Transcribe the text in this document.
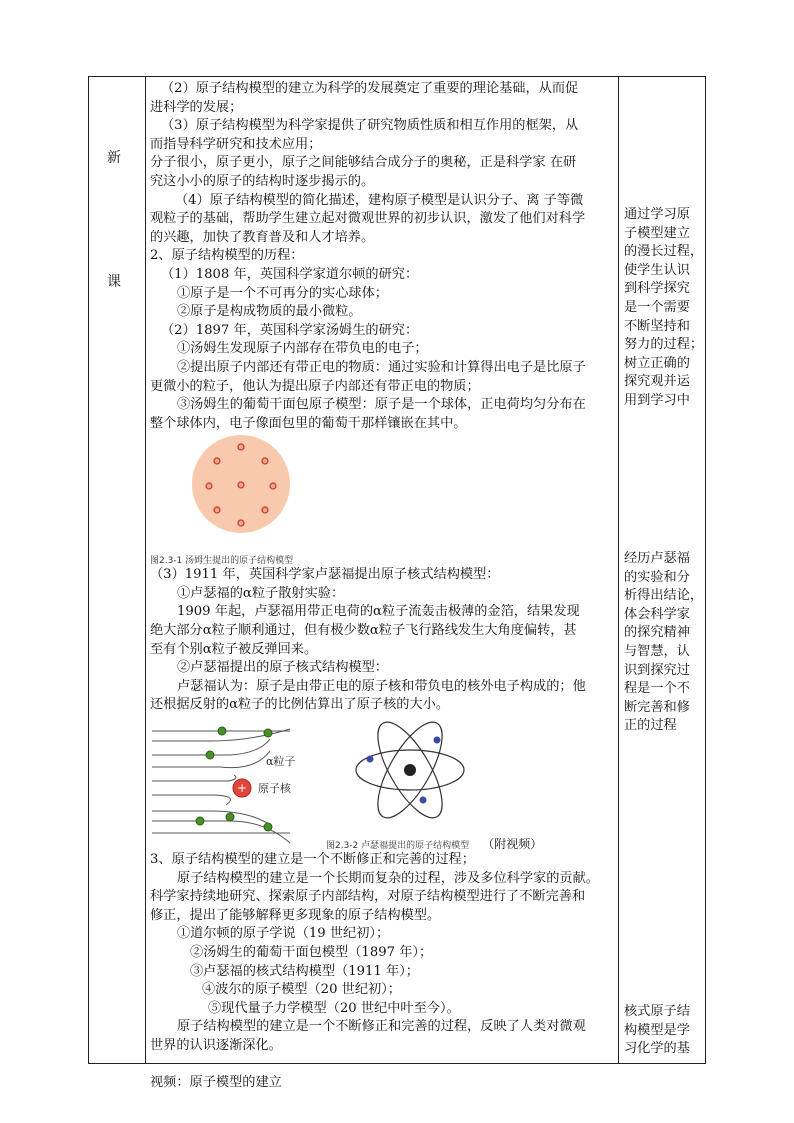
新
课
（2）原子结构模型的建立为科学的发展奠定了重要的理论基础，从而促
进科学的发展；
（3）原子结构模型为科学家提供了研究物质性质和相互作用的框架，从
而指导科学研究和技术应用；
分子很小，原子更小，原子之间能够结合成分子的奥秘，正是科学家 在研
究这小小的原子的结构时逐步揭示的。
（4）原子结构模型的简化描述，建构原子模型是认识分子、离 子等微
观粒子的基础，帮助学生建立起对微观世界的初步认识，激发了他们对科学
的兴趣，加快了教育普及和人才培养。
2、原子结构模型的历程：
（1）1808 年，英国科学家道尔顿的研究：
①原子是一个不可再分的实心球体；
②原子是构成物质的最小微粒。
（2）1897 年，英国科学家汤姆生的研究：
①汤姆生发现原子内部存在带负电的电子；
②提出原子内部还有带正电的物质：通过实验和计算得出电子是比原子
更微小的粒子，他认为提出原子内部还有带正电的物质；
③汤姆生的葡萄干面包原子模型：原子是一个球体，正电荷均匀分布在
整个球体内，电子像面包里的葡萄干那样镶嵌在其中。
图2.3-1 汤姆生提出的原子结构模型
（3）1911 年，英国科学家卢瑟福提出原子核式结构模型：
①卢瑟福的α粒子散射实验：
1909 年起，卢瑟福用带正电荷的α粒子流轰击极薄的金箔，结果发现
绝大部分α粒子顺利通过，但有极少数α粒子飞行路线发生大角度偏转，甚
至有个别α粒子被反弹回来。
②卢瑟福提出的原子核式结构模型：
卢瑟福认为：原子是由带正电的原子核和带负电的核外电子构成的；他
还根据反射的α粒子的比例估算出了原子核的大小。
+
α粒子
原子核
图2.3-2 卢瑟福提出的原子结构模型 （附视频）
3、原子结构模型的建立是一个不断修正和完善的过程；
原子结构模型的建立是一个长期而复杂的过程，涉及多位科学家的贡献。
科学家持续地研究、探索原子内部结构，对原子结构模型进行了不断完善和
修正，提出了能够解释更多现象的原子结构模型。
①道尔顿的原子学说（19 世纪初）；
②汤姆生的葡萄干面包模型（1897 年）；
③卢瑟福的核式结构模型（1911 年）；
④波尔的原子模型（20 世纪初）；
⑤现代量子力学模型（20 世纪中叶至今）。
原子结构模型的建立是一个不断修正和完善的过程，反映了人类对微观
世界的认识逐渐深化。
视频：原子模型的建立
通过学习原
子模型建立
的漫长过程，
使学生认识
到科学探究
是一个需要
不断坚持和
努力的过程；
树立正确的
探究观并运
用到学习中
经历卢瑟福
的实验和分
析得出结论，
体会科学家
的探究精神
与智慧，认
识到探究过
程是一个不
断完善和修
正的过程
核式原子结
构模型是学
习化学的基
